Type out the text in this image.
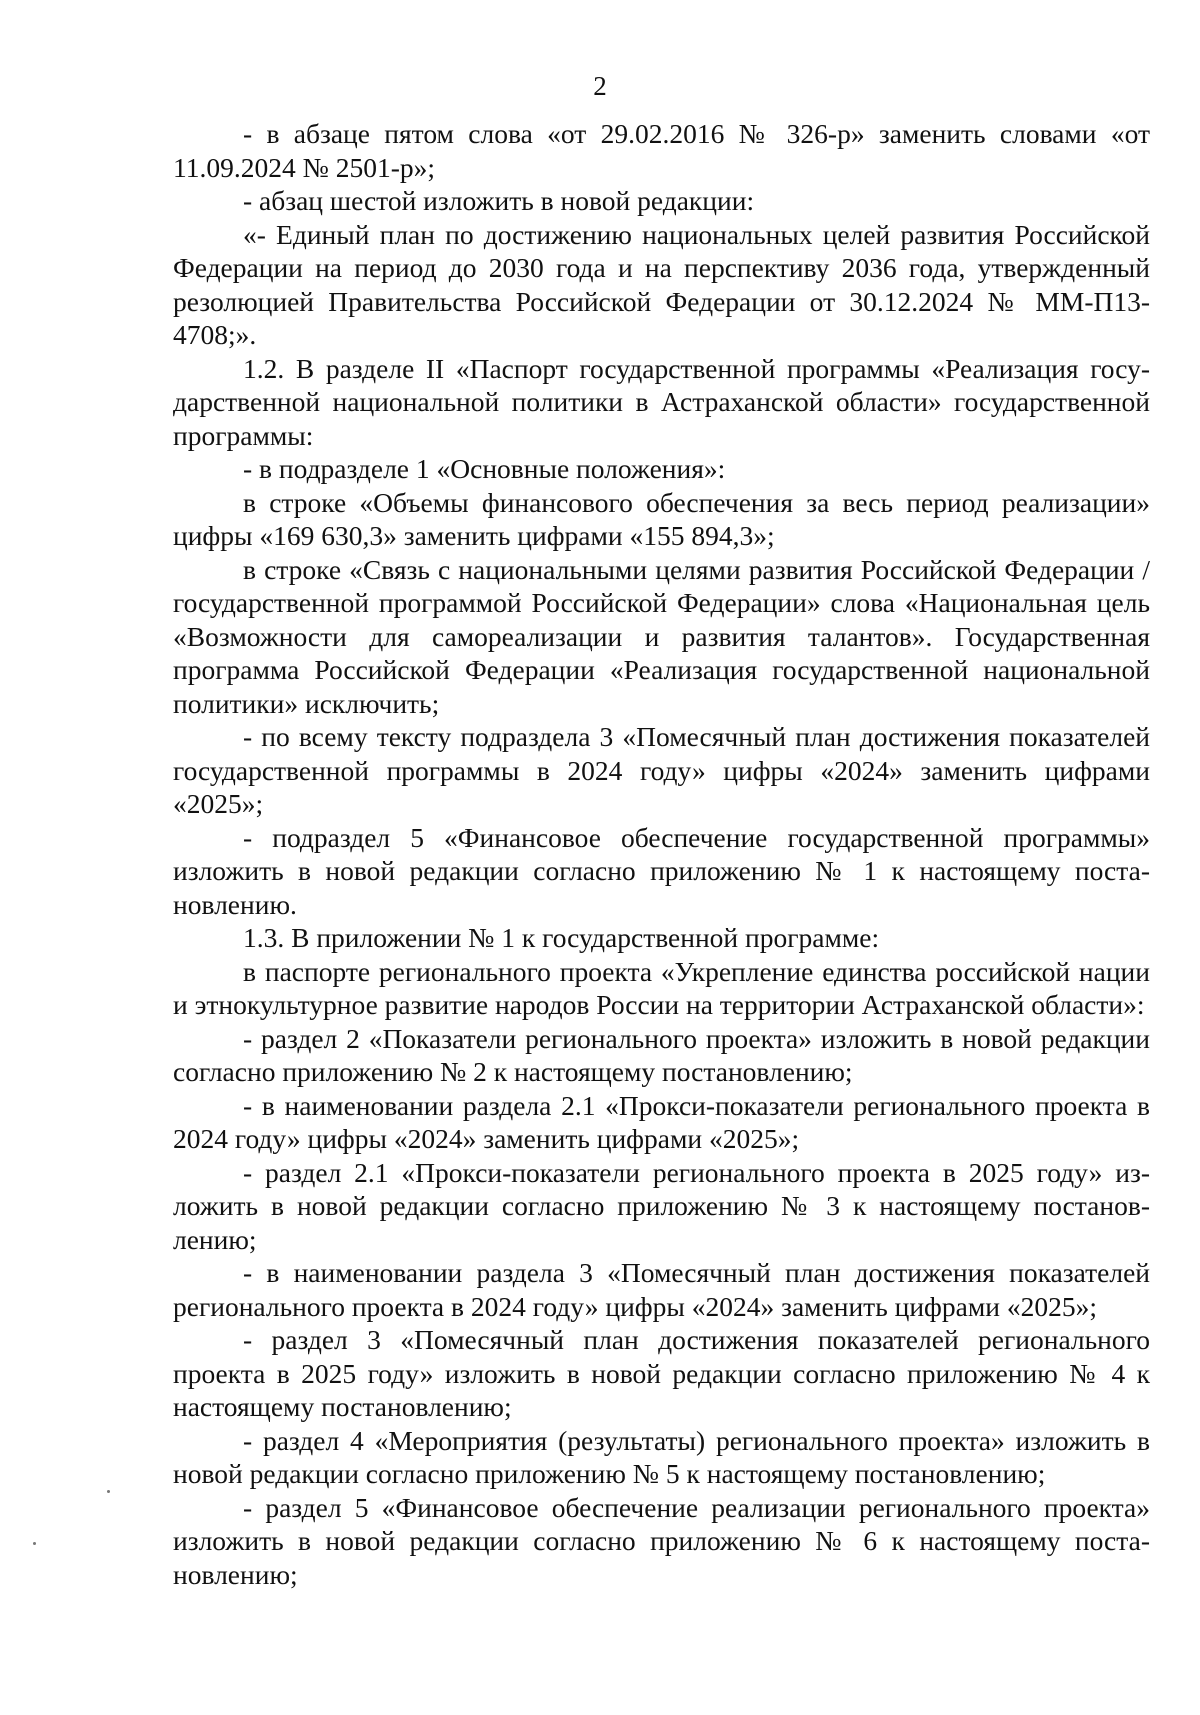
2

- в абзаце пятом слова «от 29.02.2016 № 326-р» заменить словами «от 11.09.2024 № 2501-р»;

- абзац шестой изложить в новой редакции:

«- Единый план по достижению национальных целей развития Российской Федерации на период до 2030 года и на перспективу 2036 года, утвержденный резолюцией Правительства Российской Федерации от 30.12.2024 № ММ-П13-4708;».

1.2. В разделе II «Паспорт государственной программы «Реализация государственной национальной политики в Астраханской области» государственной программы:

- в подразделе 1 «Основные положения»:

в строке «Объемы финансового обеспечения за весь период реализации» цифры «169 630,3» заменить цифрами «155 894,3»;

в строке «Связь с национальными целями развития Российской Федерации / государственной программой Российской Федерации» слова «Национальная цель «Возможности для самореализации и развития талантов». Государственная программа Российской Федерации «Реализация государственной национальной политики» исключить;

- по всему тексту подраздела 3 «Помесячный план достижения показателей государственной программы в 2024 году» цифры «2024» заменить цифрами «2025»;

- подраздел 5 «Финансовое обеспечение государственной программы» изложить в новой редакции согласно приложению № 1 к настоящему постановлению.

1.3. В приложении № 1 к государственной программе:

в паспорте регионального проекта «Укрепление единства российской нации и этнокультурное развитие народов России на территории Астраханской области»:

- раздел 2 «Показатели регионального проекта» изложить в новой редакции согласно приложению № 2 к настоящему постановлению;

- в наименовании раздела 2.1 «Прокси-показатели регионального проекта в 2024 году» цифры «2024» заменить цифрами «2025»;

- раздел 2.1 «Прокси-показатели регионального проекта в 2025 году» изложить в новой редакции согласно приложению № 3 к настоящему постановлению;

- в наименовании раздела 3 «Помесячный план достижения показателей регионального проекта в 2024 году» цифры «2024» заменить цифрами «2025»;

- раздел 3 «Помесячный план достижения показателей регионального проекта в 2025 году» изложить в новой редакции согласно приложению № 4 к настоящему постановлению;

- раздел 4 «Мероприятия (результаты) регионального проекта» изложить в новой редакции согласно приложению № 5 к настоящему постановлению;

- раздел 5 «Финансовое обеспечение реализации регионального проекта» изложить в новой редакции согласно приложению № 6 к настоящему постановлению;
